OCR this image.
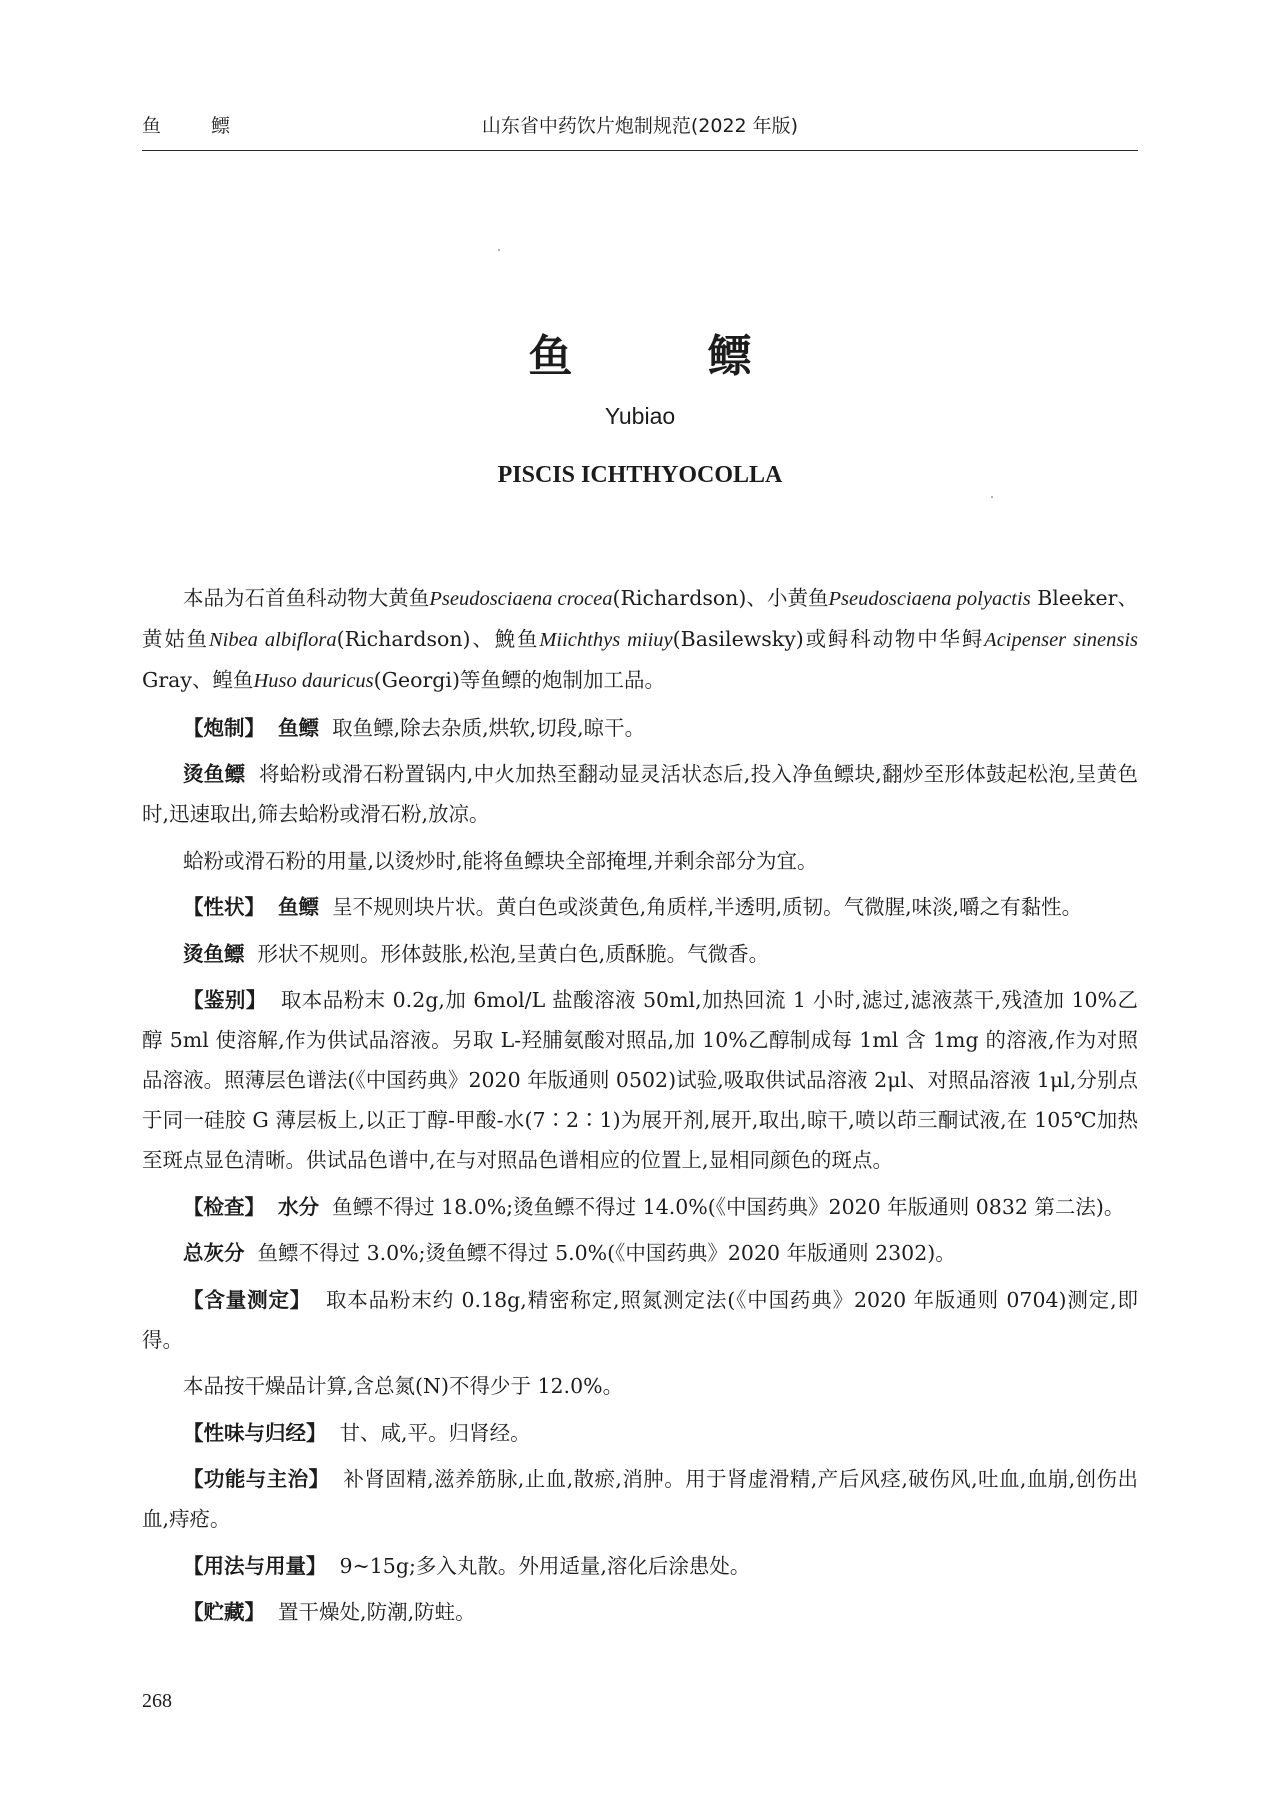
鱼 鳔	山东省中药饮片炮制规范(2022 年版)
鱼 鳔
Yubiao
PISCIS ICHTHYOCOLLA

本品为石首鱼科动物大黄鱼Pseudosciaena crocea(Richardson)、小黄鱼Pseudosciaena polyactis Bleeker、黄姑鱼Nibea albiflora(Richardson)、鮸鱼Miichthys miiuy(Basilewsky)或鲟科动物中华鲟Acipenser sinensis Gray、鳇鱼Huso dauricus(Georgi)等鱼鳔的炮制加工品。

【炮制】 鱼鳔 取鱼鳔,除去杂质,烘软,切段,晾干。

烫鱼鳔 将蛤粉或滑石粉置锅内,中火加热至翻动显灵活状态后,投入净鱼鳔块,翻炒至形体鼓起松泡,呈黄色时,迅速取出,筛去蛤粉或滑石粉,放凉。

蛤粉或滑石粉的用量,以烫炒时,能将鱼鳔块全部掩埋,并剩余部分为宜。

【性状】 鱼鳔 呈不规则块片状。黄白色或淡黄色,角质样,半透明,质韧。气微腥,味淡,嚼之有黏性。

烫鱼鳔 形状不规则。形体鼓胀,松泡,呈黄白色,质酥脆。气微香。

【鉴别】 取本品粉末 0.2g,加 6mol/L 盐酸溶液 50ml,加热回流 1 小时,滤过,滤液蒸干,残渣加 10%乙醇 5ml 使溶解,作为供试品溶液。另取 L-羟脯氨酸对照品,加 10%乙醇制成每 1ml 含 1mg 的溶液,作为对照品溶液。照薄层色谱法(《中国药典》2020 年版通则 0502)试验,吸取供试品溶液 2μl、对照品溶液 1μl,分别点于同一硅胶 G 薄层板上,以正丁醇-甲酸-水(7∶2∶1)为展开剂,展开,取出,晾干,喷以茚三酮试液,在 105℃加热至斑点显色清晰。供试品色谱中,在与对照品色谱相应的位置上,显相同颜色的斑点。

【检查】 水分 鱼鳔不得过 18.0%;烫鱼鳔不得过 14.0%(《中国药典》2020 年版通则 0832 第二法)。

总灰分 鱼鳔不得过 3.0%;烫鱼鳔不得过 5.0%(《中国药典》2020 年版通则 2302)。

【含量测定】 取本品粉末约 0.18g,精密称定,照氮测定法(《中国药典》2020 年版通则 0704)测定,即得。

本品按干燥品计算,含总氮(N)不得少于 12.0%。

【性味与归经】 甘、咸,平。归肾经。

【功能与主治】 补肾固精,滋养筋脉,止血,散瘀,消肿。用于肾虚滑精,产后风痉,破伤风,吐血,血崩,创伤出血,痔疮。

【用法与用量】 9~15g;多入丸散。外用适量,溶化后涂患处。

【贮藏】 置干燥处,防潮,防蛀。

268
